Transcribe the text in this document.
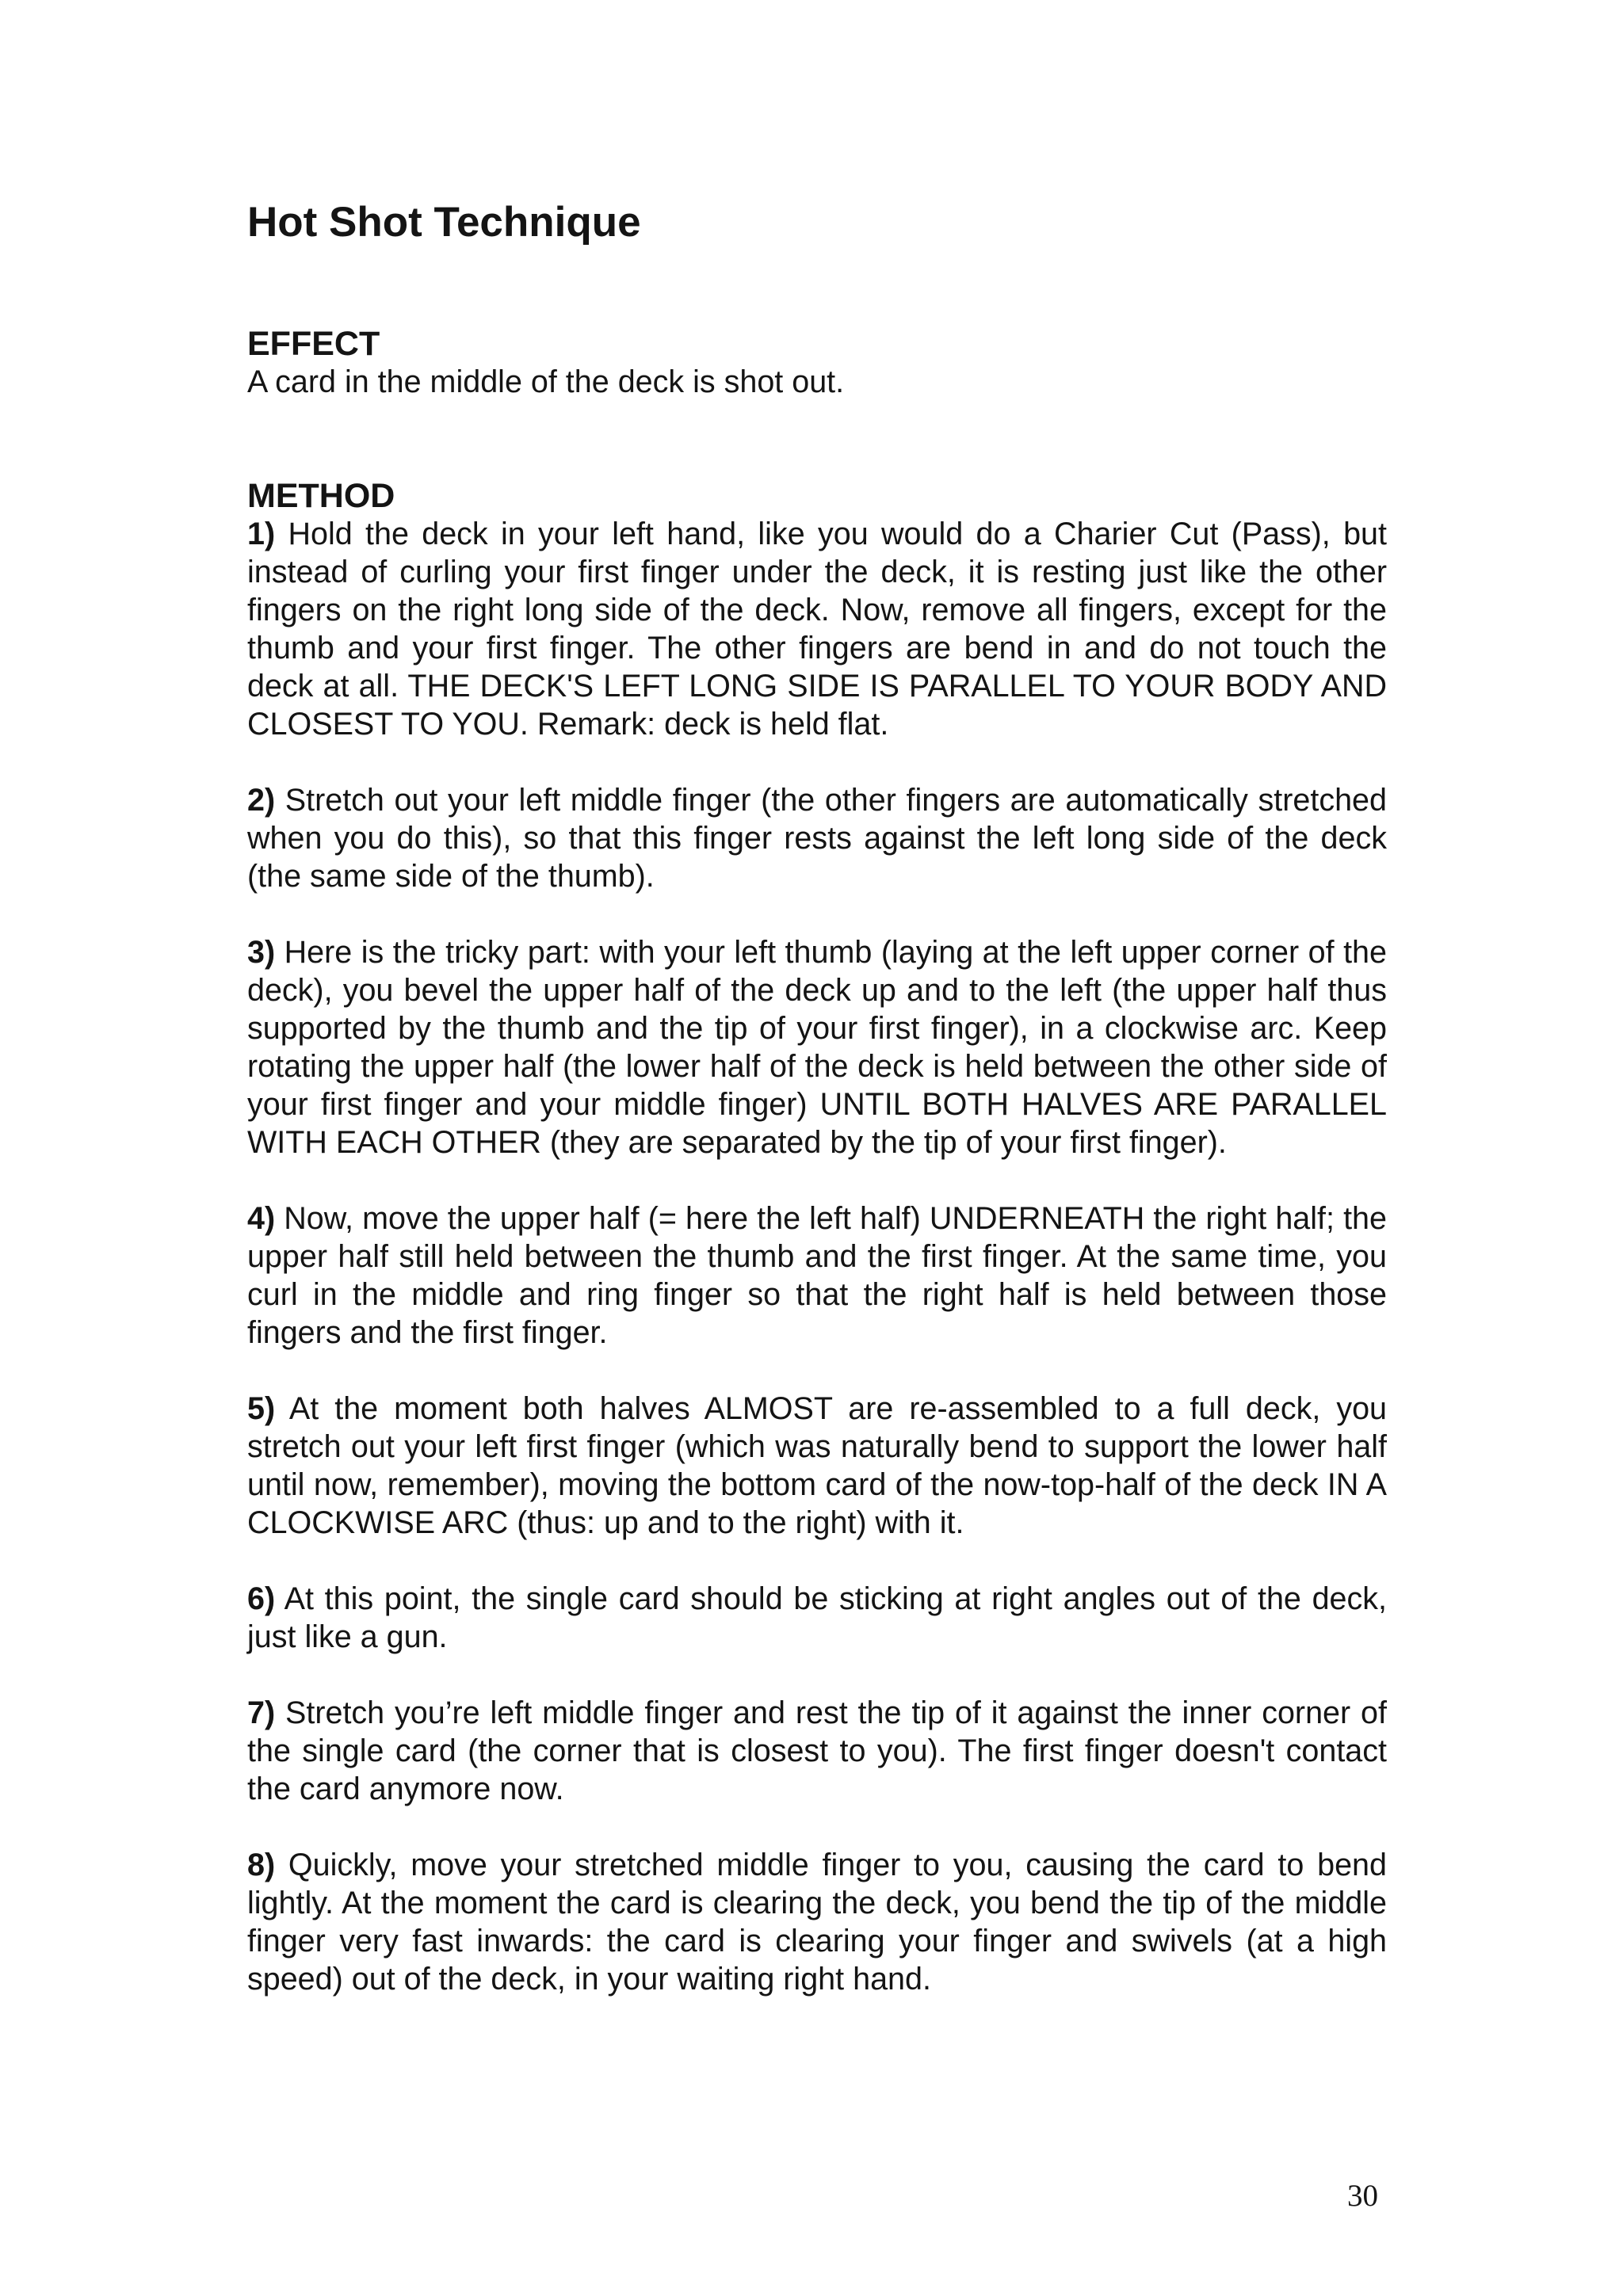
Hot Shot Technique
EFFECT

A card in the middle of the deck is shot out.

METHOD

1) Hold the deck in your left hand, like you would do a Charier Cut (Pass), but instead of curling your first finger under the deck, it is resting just like the other fingers on the right long side of the deck. Now, remove all fingers, except for the thumb and your first finger. The other fingers are bend in and do not touch the deck at all. THE DECK'S LEFT LONG SIDE IS PARALLEL TO YOUR BODY AND CLOSEST TO YOU. Remark: deck is held flat.

2) Stretch out your left middle finger (the other fingers are automatically stretched when you do this), so that this finger rests against the left long side of the deck (the same side of the thumb).

3) Here is the tricky part: with your left thumb (laying at the left upper corner of the deck), you bevel the upper half of the deck up and to the left (the upper half thus supported by the thumb and the tip of your first finger), in a clockwise arc. Keep rotating the upper half (the lower half of the deck is held between the other side of your first finger and your middle finger) UNTIL BOTH HALVES ARE PARALLEL WITH EACH OTHER (they are separated by the tip of your first finger).

4) Now, move the upper half (= here the left half) UNDERNEATH the right half; the upper half still held between the thumb and the first finger. At the same time, you curl in the middle and ring finger so that the right half is held between those fingers and the first finger.

5) At the moment both halves ALMOST are re-assembled to a full deck, you stretch out your left first finger (which was naturally bend to support the lower half until now, remember), moving the bottom card of the now-top-half of the deck IN A CLOCKWISE ARC (thus: up and to the right) with it.

6) At this point, the single card should be sticking at right angles out of the deck, just like a gun.

7) Stretch you’re left middle finger and rest the tip of it against the inner corner of the single card (the corner that is closest to you). The first finger doesn't contact the card anymore now.

8) Quickly, move your stretched middle finger to you, causing the card to bend lightly. At the moment the card is clearing the deck, you bend the tip of the middle finger very fast inwards: the card is clearing your finger and swivels (at a high speed) out of the deck, in your waiting right hand.

30
